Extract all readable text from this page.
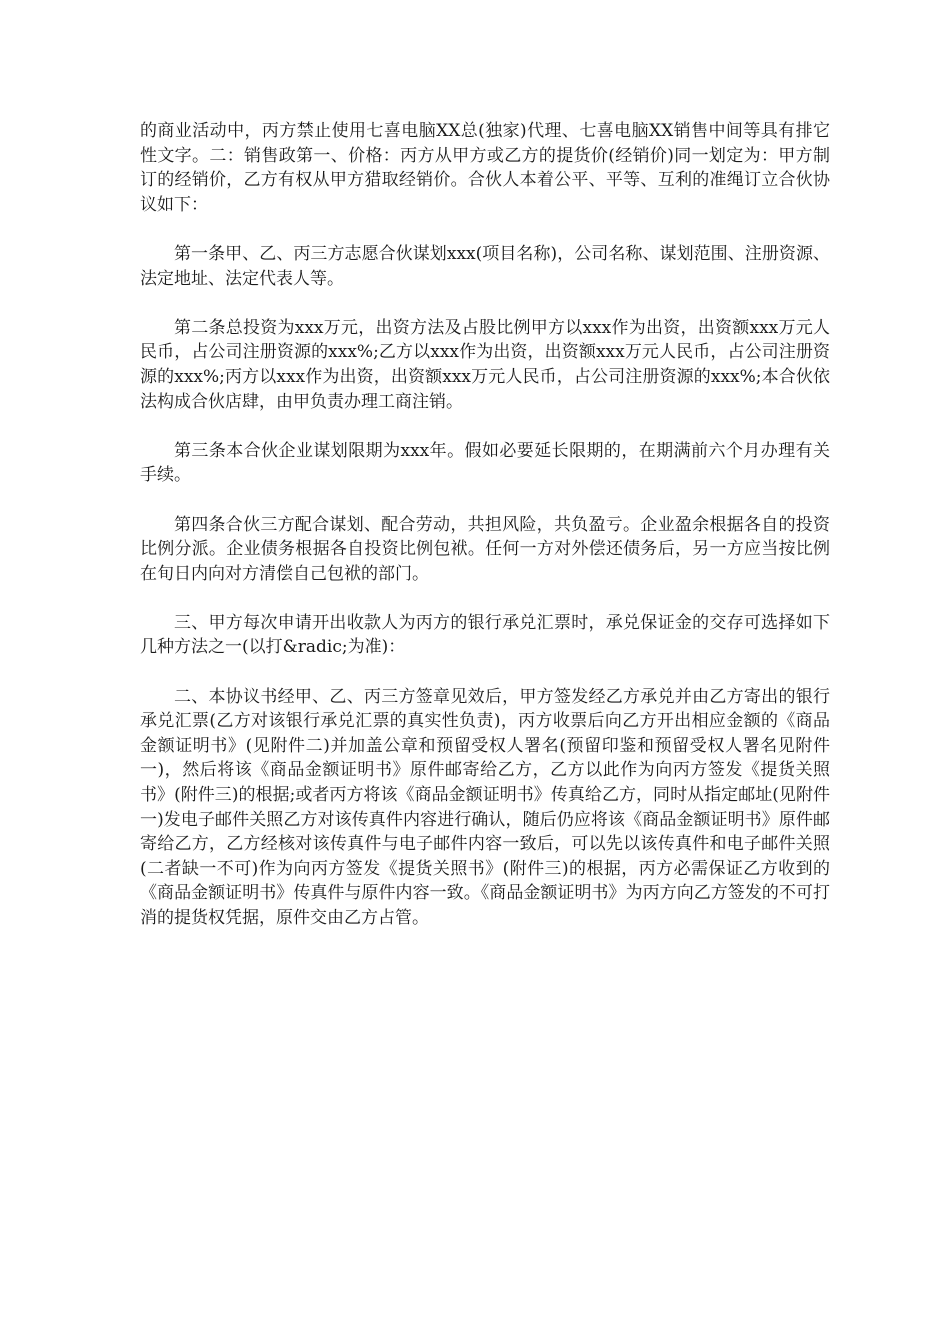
的商业活动中，丙方禁止使用七喜电脑XX总(独家)代理、七喜电脑XX销售中间等具有排它性文字。二：销售政第一、价格：丙方从甲方或乙方的提货价(经销价)同一划定为：甲方制订的经销价，乙方有权从甲方猎取经销价。合伙人本着公平、平等、互利的准绳订立合伙协议如下：

第一条甲、乙、丙三方志愿合伙谋划xxx(项目名称)，公司名称、谋划范围、注册资源、法定地址、法定代表人等。

第二条总投资为xxx万元，出资方法及占股比例甲方以xxx作为出资，出资额xxx万元人民币，占公司注册资源的xxx%;乙方以xxx作为出资，出资额xxx万元人民币，占公司注册资源的xxx%;丙方以xxx作为出资，出资额xxx万元人民币，占公司注册资源的xxx%;本合伙依法构成合伙店肆，由甲负责办理工商注销。

第三条本合伙企业谋划限期为xxx年。假如必要延长限期的，在期满前六个月办理有关手续。

第四条合伙三方配合谋划、配合劳动，共担风险，共负盈亏。企业盈余根据各自的投资比例分派。企业债务根据各自投资比例包袱。任何一方对外偿还债务后，另一方应当按比例在旬日内向对方清偿自己包袱的部门。

三、甲方每次申请开出收款人为丙方的银行承兑汇票时，承兑保证金的交存可选择如下几种方法之一(以打&radic;为准)：

二、本协议书经甲、乙、丙三方签章见效后，甲方签发经乙方承兑并由乙方寄出的银行承兑汇票(乙方对该银行承兑汇票的真实性负责)，丙方收票后向乙方开出相应金额的《商品金额证明书》(见附件二)并加盖公章和预留受权人署名(预留印鉴和预留受权人署名见附件一)，然后将该《商品金额证明书》原件邮寄给乙方，乙方以此作为向丙方签发《提货关照书》(附件三)的根据;或者丙方将该《商品金额证明书》传真给乙方，同时从指定邮址(见附件一)发电子邮件关照乙方对该传真件内容进行确认，随后仍应将该《商品金额证明书》原件邮寄给乙方，乙方经核对该传真件与电子邮件内容一致后，可以先以该传真件和电子邮件关照(二者缺一不可)作为向丙方签发《提货关照书》(附件三)的根据，丙方必需保证乙方收到的《商品金额证明书》传真件与原件内容一致。《商品金额证明书》为丙方向乙方签发的不可打消的提货权凭据，原件交由乙方占管。
